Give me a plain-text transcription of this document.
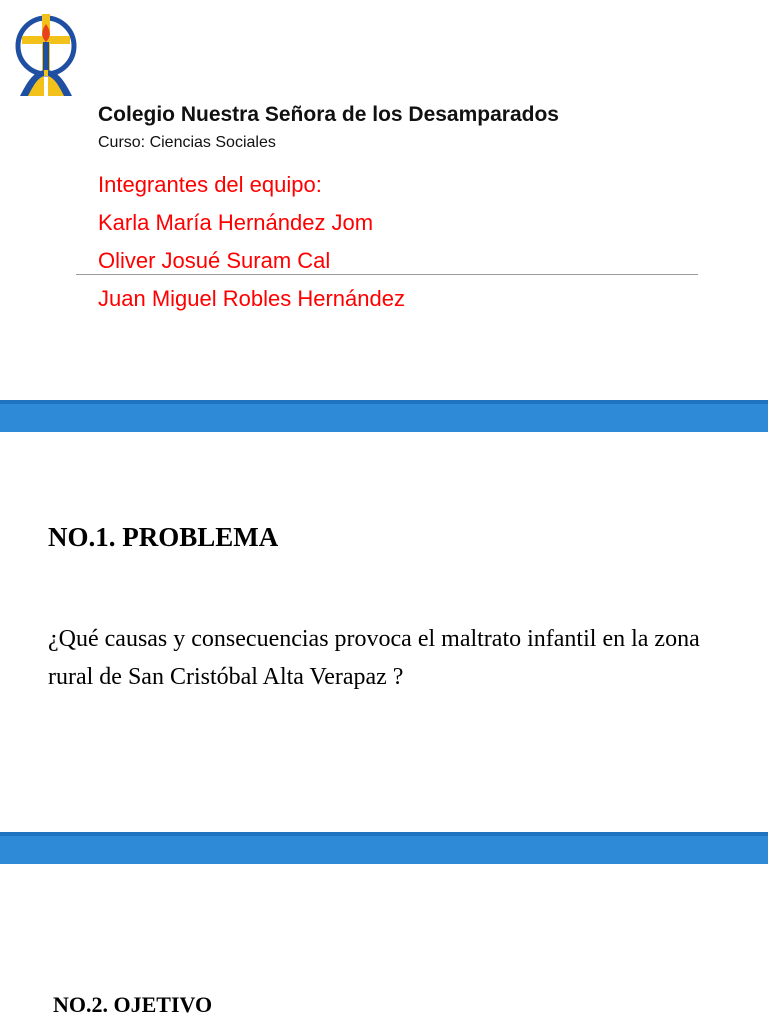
Colegio Nuestra Señora de los Desamparados
Curso: Ciencias Sociales
Integrantes del equipo:
Karla María Hernández Jom
Oliver Josué Suram Cal
Juan Miguel Robles Hernández
NO.1. PROBLEMA
¿Qué causas y consecuencias provoca el maltrato infantil en la zona rural de San Cristóbal Alta Verapaz ?
NO.2. OJETIVO
